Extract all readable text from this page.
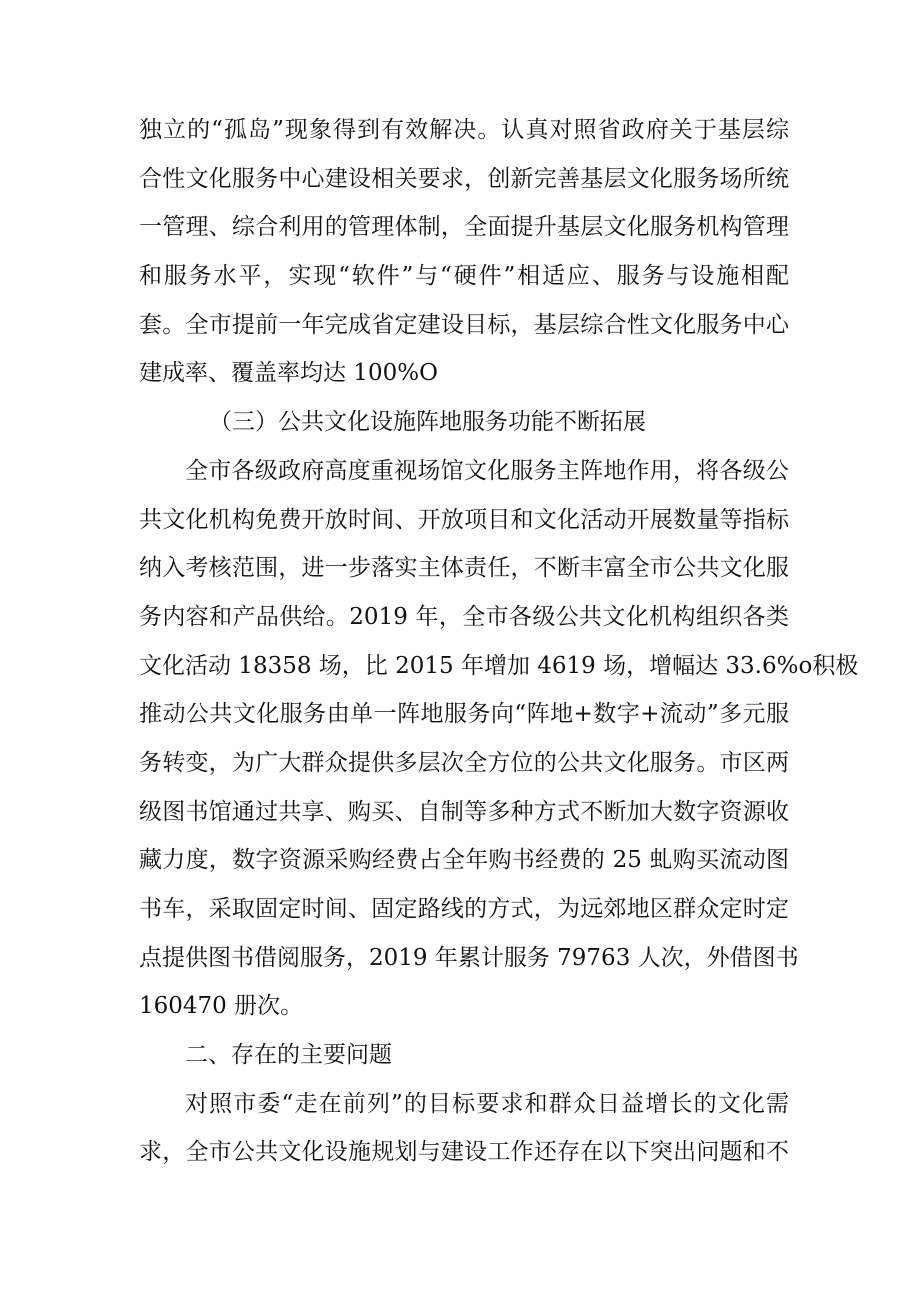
独立的“孤岛”现象得到有效解决。认真对照省政府关于基层综
合性文化服务中心建设相关要求，创新完善基层文化服务场所统
一管理、综合利用的管理体制，全面提升基层文化服务机构管理
和服务水平，实现“软件”与“硬件”相适应、服务与设施相配
套。全市提前一年完成省定建设目标，基层综合性文化服务中心
建成率、覆盖率均达 100%O
（三）公共文化设施阵地服务功能不断拓展
全市各级政府高度重视场馆文化服务主阵地作用，将各级公
共文化机构免费开放时间、开放项目和文化活动开展数量等指标
纳入考核范围，进一步落实主体责任，不断丰富全市公共文化服
务内容和产品供给。2019 年，全市各级公共文化机构组织各类
文化活动 18358 场，比 2015 年增加 4619 场，增幅达 33.6%o积极
推动公共文化服务由单一阵地服务向“阵地+数字+流动”多元服
务转变，为广大群众提供多层次全方位的公共文化服务。市区两
级图书馆通过共享、购买、自制等多种方式不断加大数字资源收
藏力度，数字资源采购经费占全年购书经费的 25 虬购买流动图
书车，采取固定时间、固定路线的方式，为远郊地区群众定时定
点提供图书借阅服务，2019 年累计服务 79763 人次，外借图书
160470 册次。
二、存在的主要问题
对照市委“走在前列”的目标要求和群众日益增长的文化需
求，全市公共文化设施规划与建设工作还存在以下突出问题和不
